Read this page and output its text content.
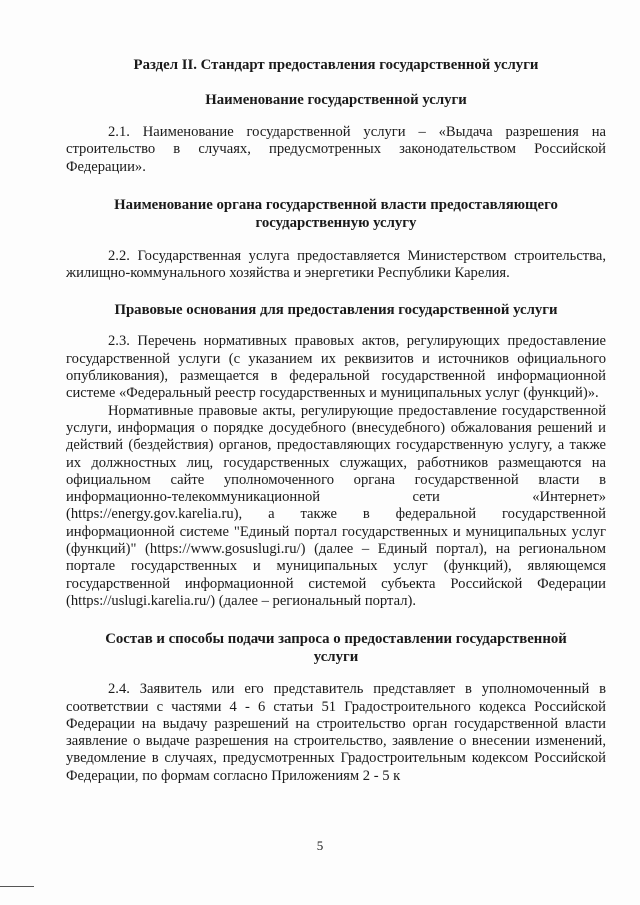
Раздел II. Стандарт предоставления государственной услуги
Наименование государственной услуги

2.1. Наименование государственной услуги – «Выдача разрешения на строительство в случаях, предусмотренных законодательством Российской Федерации».

Наименование органа государственной власти предоставляющего государственную услугу

2.2. Государственная услуга предоставляется Министерством строительства, жилищно-коммунального хозяйства и энергетики Республики Карелия.

Правовые основания для предоставления государственной услуги

2.3. Перечень нормативных правовых актов, регулирующих предоставление государственной услуги (с указанием их реквизитов и источников официального опубликования), размещается в федеральной государственной информационной системе «Федеральный реестр государственных и муниципальных услуг (функций)».

Нормативные правовые акты, регулирующие предоставление государственной услуги, информация о порядке досудебного (внесудебного) обжалования решений и действий (бездействия) органов, предоставляющих государственную услугу, а также их должностных лиц, государственных служащих, работников размещаются на официальном сайте уполномоченного органа государственной власти в информационно-телекоммуникационной сети «Интернет» (https://energy.gov.karelia.ru), а также в федеральной государственной информационной системе "Единый портал государственных и муниципальных услуг (функций)" (https://www.gosuslugi.ru/) (далее – Единый портал), на региональном портале государственных и муниципальных услуг (функций), являющемся государственной информационной системой субъекта Российской Федерации (https://uslugi.karelia.ru/) (далее – региональный портал).

Состав и способы подачи запроса о предоставлении государственной услуги

2.4. Заявитель или его представитель представляет в уполномоченный в соответствии с частями 4 - 6 статьи 51 Градостроительного кодекса Российской Федерации на выдачу разрешений на строительство орган государственной власти заявление о выдаче разрешения на строительство, заявление о внесении изменений, уведомление в случаях, предусмотренных Градостроительным кодексом Российской Федерации, по формам согласно Приложениям 2 - 5 к

5
